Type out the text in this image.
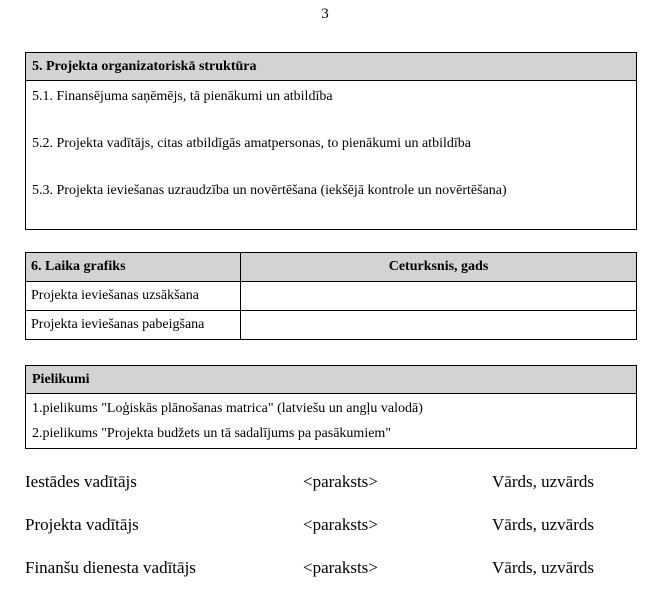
3
5. Projekta organizatoriskā struktūra
5.1. Finansējuma saņēmējs, tā pienākumi un atbildība
5.2. Projekta vadītājs, citas atbildīgās amatpersonas, to pienākumi un atbildība
5.3. Projekta ieviešanas uzraudzība un novērtēšana (iekšējā kontrole un novērtēšana)
6. Laika grafiks	Ceturksnis, gads
Projekta ieviešanas uzsākšana	
Projekta ieviešanas pabeigšana	
Pielikumi
1.pielikums "Loģiskās plānošanas matrica" (latviešu un angļu valodā)
2.pielikums "Projekta budžets un tā sadalījums pa pasākumiem"
Iestādes vadītājs	<paraksts>	Vārds, uzvārds
Projekta vadītājs	<paraksts>	Vārds, uzvārds
Finanšu dienesta vadītājs	<paraksts>	Vārds, uzvārds
